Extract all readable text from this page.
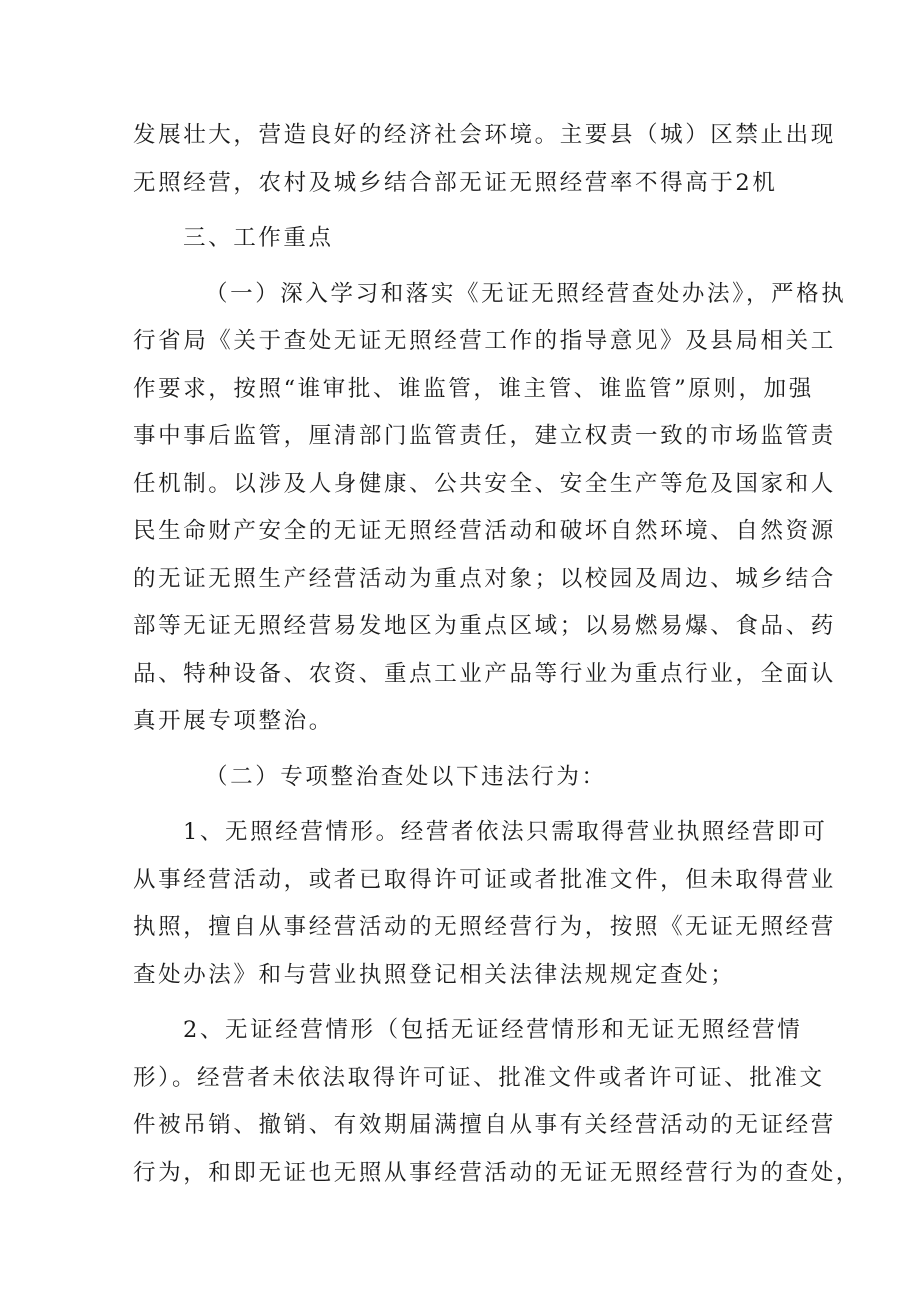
发展壮大，营造良好的经济社会环境。主要县（城）区禁止出现
无照经营，农村及城乡结合部无证无照经营率不得高于2机
三、工作重点
（一）深入学习和落实《无证无照经营查处办法》，严格执
行省局《关于查处无证无照经营工作的指导意见》及县局相关工
作要求，按照“谁审批、谁监管，谁主管、谁监管”原则，加强
事中事后监管，厘清部门监管责任，建立权责一致的市场监管责
任机制。以涉及人身健康、公共安全、安全生产等危及国家和人
民生命财产安全的无证无照经营活动和破坏自然环境、自然资源
的无证无照生产经营活动为重点对象；以校园及周边、城乡结合
部等无证无照经营易发地区为重点区域；以易燃易爆、食品、药
品、特种设备、农资、重点工业产品等行业为重点行业，全面认
真开展专项整治。
（二）专项整治查处以下违法行为：
1、无照经营情形。经营者依法只需取得营业执照经营即可
从事经营活动，或者已取得许可证或者批准文件，但未取得营业
执照，擅自从事经营活动的无照经营行为，按照《无证无照经营
查处办法》和与营业执照登记相关法律法规规定查处；
2、无证经营情形（包括无证经营情形和无证无照经营情
形）。经营者未依法取得许可证、批准文件或者许可证、批准文
件被吊销、撤销、有效期届满擅自从事有关经营活动的无证经营
行为，和即无证也无照从事经营活动的无证无照经营行为的查处，
